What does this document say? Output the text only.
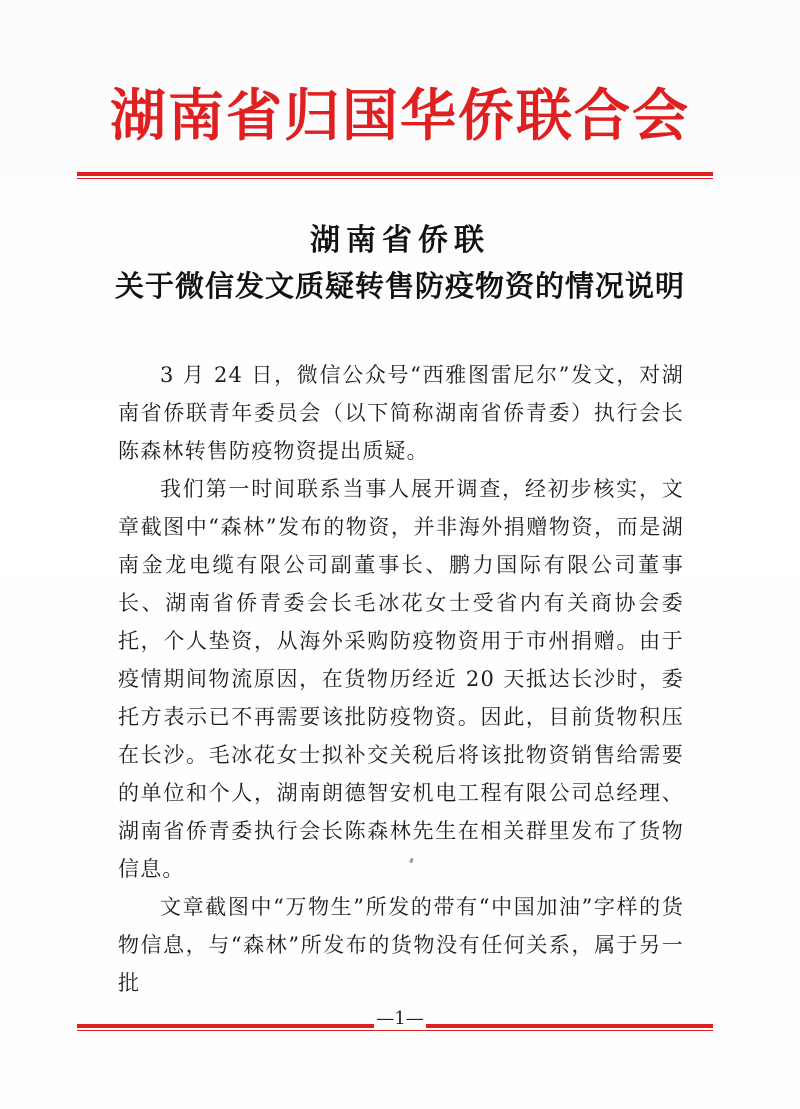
湖南省归国华侨联合会
湖南省侨联
关于微信发文质疑转售防疫物资的情况说明

3 月 24 日，微信公众号“西雅图雷尼尔”发文，对湖南省侨联青年委员会（以下简称湖南省侨青委）执行会长陈森林转售防疫物资提出质疑。

我们第一时间联系当事人展开调查，经初步核实，文章截图中“森林”发布的物资，并非海外捐赠物资，而是湖南金龙电缆有限公司副董事长、鹏力国际有限公司董事长、湖南省侨青委会长毛冰花女士受省内有关商协会委托，个人垫资，从海外采购防疫物资用于市州捐赠。由于疫情期间物流原因，在货物历经近 20 天抵达长沙时，委托方表示已不再需要该批防疫物资。因此，目前货物积压在长沙。毛冰花女士拟补交关税后将该批物资销售给需要的单位和个人，湖南朗德智安机电工程有限公司总经理、湖南省侨青委执行会长陈森林先生在相关群里发布了货物信息。

文章截图中“万物生”所发的带有“中国加油”字样的货物信息，与“森林”所发布的货物没有任何关系，属于另一批

—1—
